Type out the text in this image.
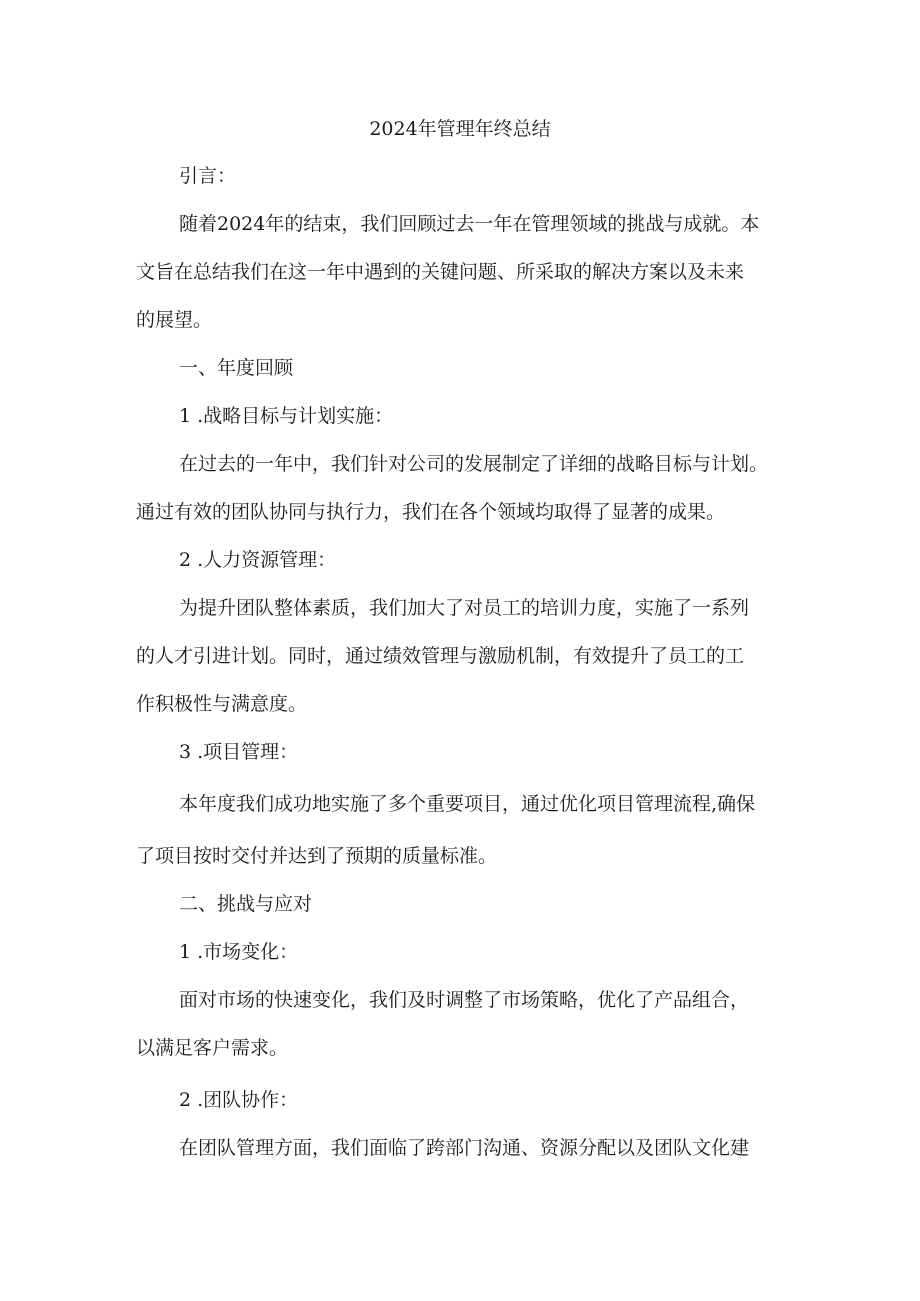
2024年管理年终总结
引言：
随着2024年的结束，我们回顾过去一年在管理领域的挑战与成就。本
文旨在总结我们在这一年中遇到的关键问题、所采取的解决方案以及未来
的展望。
一、年度回顾
1 .战略目标与计划实施：
在过去的一年中，我们针对公司的发展制定了详细的战略目标与计划。
通过有效的团队协同与执行力，我们在各个领域均取得了显著的成果。
2 .人力资源管理：
为提升团队整体素质，我们加大了对员工的培训力度，实施了一系列
的人才引进计划。同时，通过绩效管理与激励机制，有效提升了员工的工
作积极性与满意度。
3 .项目管理：
本年度我们成功地实施了多个重要项目，通过优化项目管理流程,确保
了项目按时交付并达到了预期的质量标准。
二、挑战与应对
1 .市场变化：
面对市场的快速变化，我们及时调整了市场策略，优化了产品组合，
以满足客户需求。
2 .团队协作：
在团队管理方面，我们面临了跨部门沟通、资源分配以及团队文化建
